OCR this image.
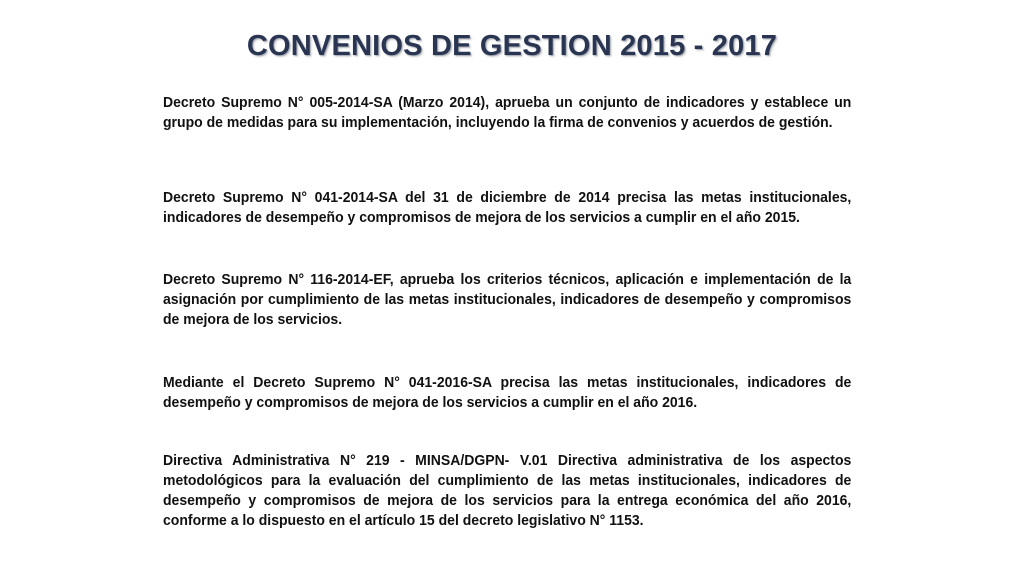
CONVENIOS DE GESTION 2015 - 2017

Decreto Supremo N° 005-2014-SA (Marzo 2014), aprueba un conjunto de indicadores y establece un grupo de medidas para su implementación, incluyendo la firma de convenios y acuerdos de gestión.

Decreto Supremo N° 041-2014-SA del 31 de diciembre de 2014 precisa las metas institucionales, indicadores de desempeño y compromisos de mejora de los servicios a cumplir en el año 2015.

Decreto Supremo N° 116-2014-EF, aprueba los criterios técnicos, aplicación e implementación de la asignación por cumplimiento de las metas institucionales, indicadores de desempeño y compromisos de mejora de los servicios.

Mediante el Decreto Supremo N° 041-2016-SA precisa las metas institucionales, indicadores de desempeño y compromisos de mejora de los servicios a cumplir en el año 2016.

Directiva Administrativa N° 219 - MINSA/DGPN- V.01 Directiva administrativa de los aspectos metodológicos para la evaluación del cumplimiento de las metas institucionales, indicadores de desempeño y compromisos de mejora de los servicios para la entrega económica del año 2016, conforme a lo dispuesto en el artículo 15 del decreto legislativo N° 1153.
